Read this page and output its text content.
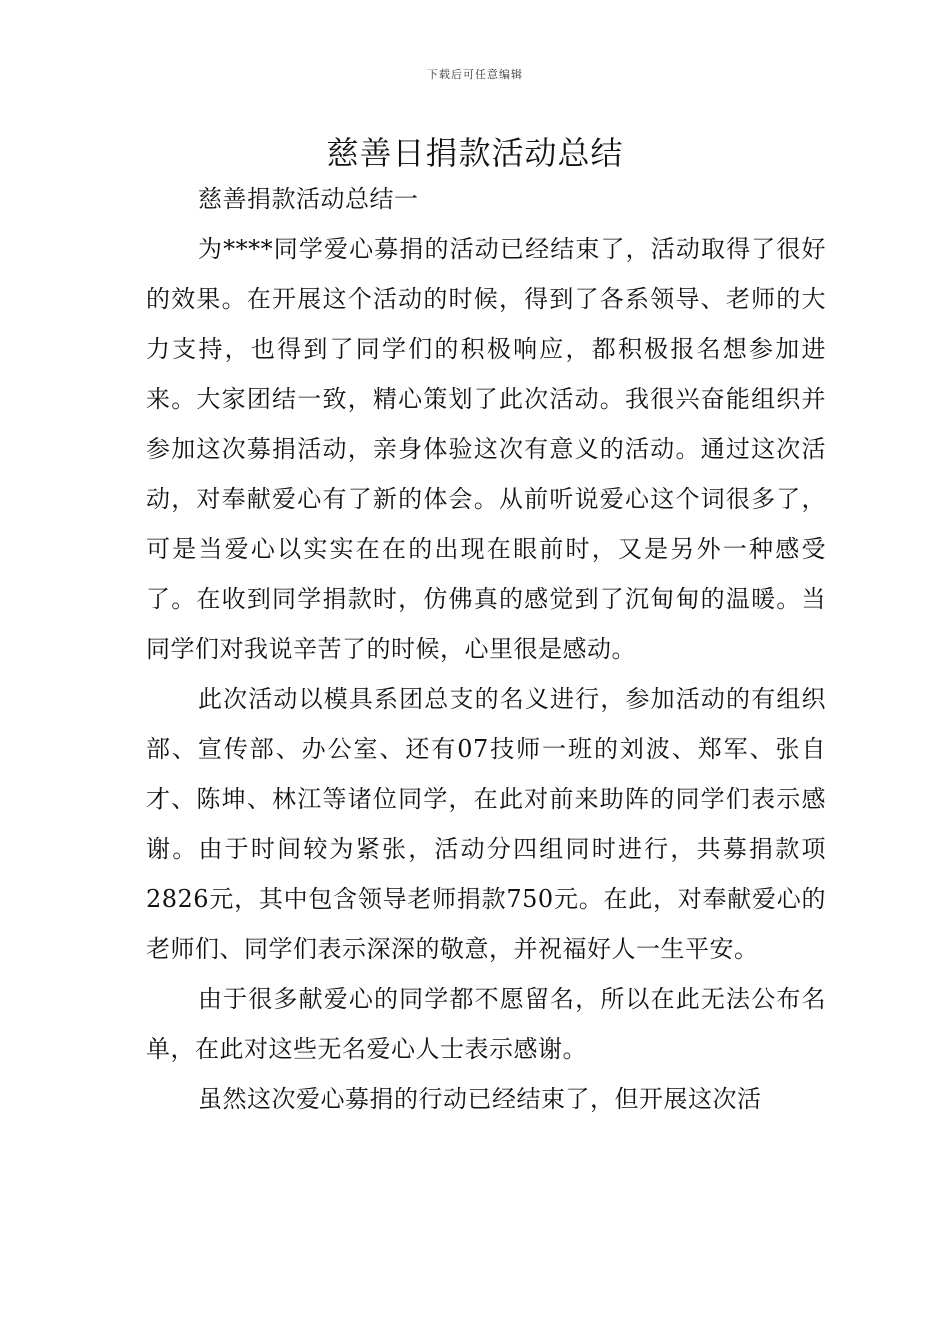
下载后可任意编辑
慈善日捐款活动总结

慈善捐款活动总结一

为****同学爱心募捐的活动已经结束了，活动取得了很好的效果。在开展这个活动的时候，得到了各系领导、老师的大力支持，也得到了同学们的积极响应，都积极报名想参加进来。大家团结一致，精心策划了此次活动。我很兴奋能组织并参加这次募捐活动，亲身体验这次有意义的活动。通过这次活动，对奉献爱心有了新的体会。从前听说爱心这个词很多了，可是当爱心以实实在在的出现在眼前时，又是另外一种感受了。在收到同学捐款时，仿佛真的感觉到了沉甸甸的温暖。当同学们对我说辛苦了的时候，心里很是感动。

此次活动以模具系团总支的名义进行，参加活动的有组织部、宣传部、办公室、还有07技师一班的刘波、郑军、张自才、陈坤、林江等诸位同学，在此对前来助阵的同学们表示感谢。由于时间较为紧张，活动分四组同时进行，共募捐款项2826元，其中包含领导老师捐款750元。在此，对奉献爱心的老师们、同学们表示深深的敬意，并祝福好人一生平安。

由于很多献爱心的同学都不愿留名，所以在此无法公布名单，在此对这些无名爱心人士表示感谢。

虽然这次爱心募捐的行动已经结束了，但开展这次活
